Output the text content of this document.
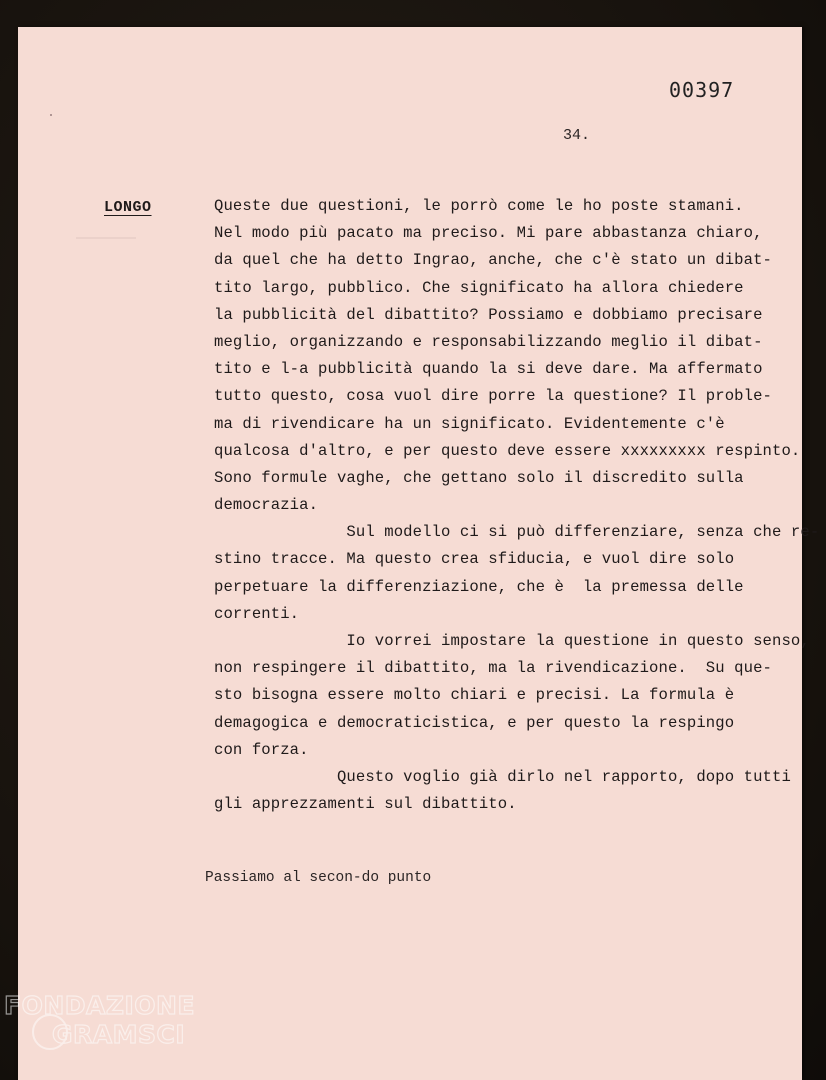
00397
34.
LONGO	Queste due questioni, le porrò come le ho poste stamani.
Nel modo più pacato ma preciso. Mi pare abbastanza chiaro,
da quel che ha detto Ingrao, anche, che c'è stato un dibat-
tito largo, pubblico. Che significato ha allora chiedere
la pubblicità del dibattito? Possiamo e dobbiamo precisare
meglio, organizzando e responsabilizzando meglio il dibat-
tito e l-a pubblicità quando la si deve dare. Ma affermato
tutto questo, cosa vuol dire porre la questione? Il proble-
ma di rivendicare ha un significato. Evidentemente c'è
qualcosa d'altro, e per questo deve essere xxxxxxxxx respinto.
Sono formule vaghe, che gettano solo il discredito sulla
democrazia.
Sul modello ci si può differenziare, senza che re-
stino tracce. Ma questo crea sfiducia, e vuol dire solo
perpetuare la differenziazione, che è  la premessa delle
correnti.
Io vorrei impostare la questione in questo senso,
non respingere il dibattito, ma la rivendicazione.  Su que-
sto bisogna essere molto chiari e precisi. La formula è
demagogica e democraticistica, e per questo la respingo
con forza.
Questo voglio già dirlo nel rapporto, dopo tutti
gli apprezzamenti sul dibattito.
Passiamo al secon-do punto
FONDAZIONE
GRAMSCI
